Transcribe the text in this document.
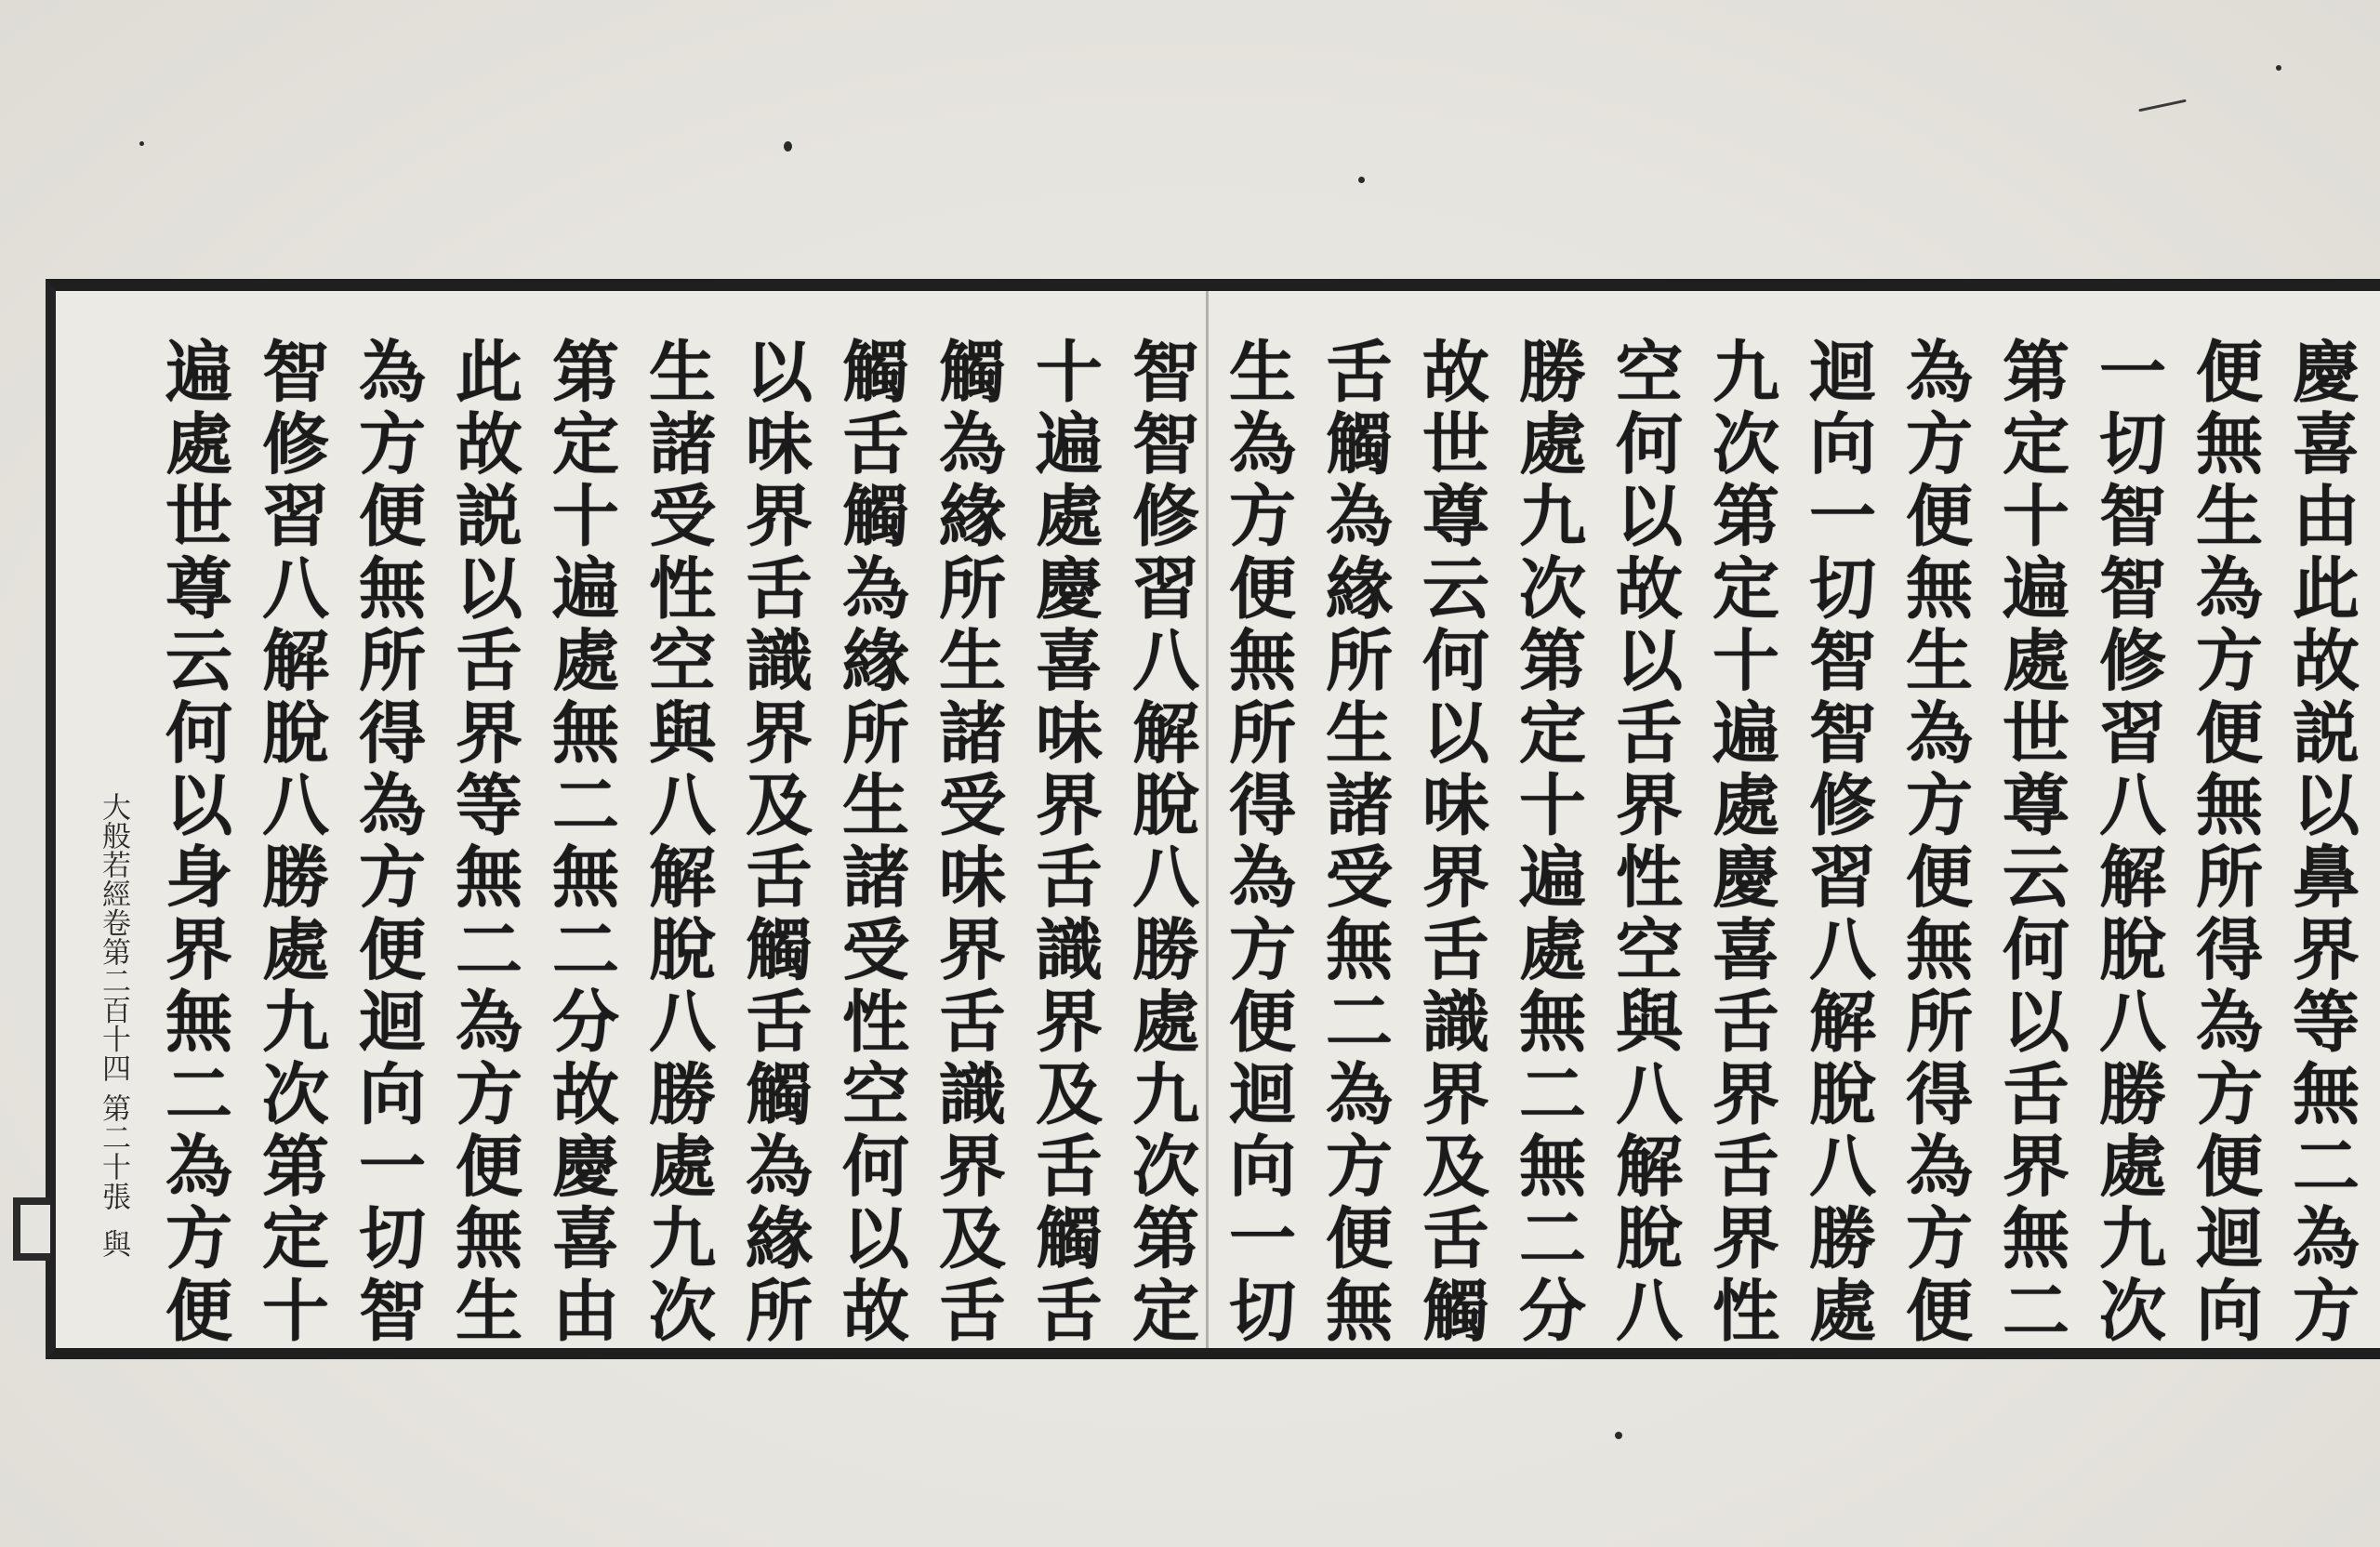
慶喜由此故説以鼻界等無二為方
便無生為方便無所得為方便迴向
一切智智修習八解脫八勝處九次
第定十遍處世尊云何以舌界無二
為方便無生為方便無所得為方便
迴向一切智智修習八解脫八勝處
九次第定十遍處慶喜舌界舌界性
空何以故以舌界性空與八解脫八
勝處九次第定十遍處無二無二分
故世尊云何以味界舌識界及舌觸
舌觸為緣所生諸受無二為方便無
生為方便無所得為方便迴向一切
智智修習八解脫八勝處九次第定
十遍處慶喜味界舌識界及舌觸舌
觸為緣所生諸受味界舌識界及舌
觸舌觸為緣所生諸受性空何以故
以味界舌識界及舌觸舌觸為緣所
生諸受性空與八解脫八勝處九次
第定十遍處無二無二分故慶喜由
此故説以舌界等無二為方便無生
為方便無所得為方便迴向一切智
智修習八解脫八勝處九次第定十
遍處世尊云何以身界無二為方便
大般若經卷第二百十四
第二十張
與
